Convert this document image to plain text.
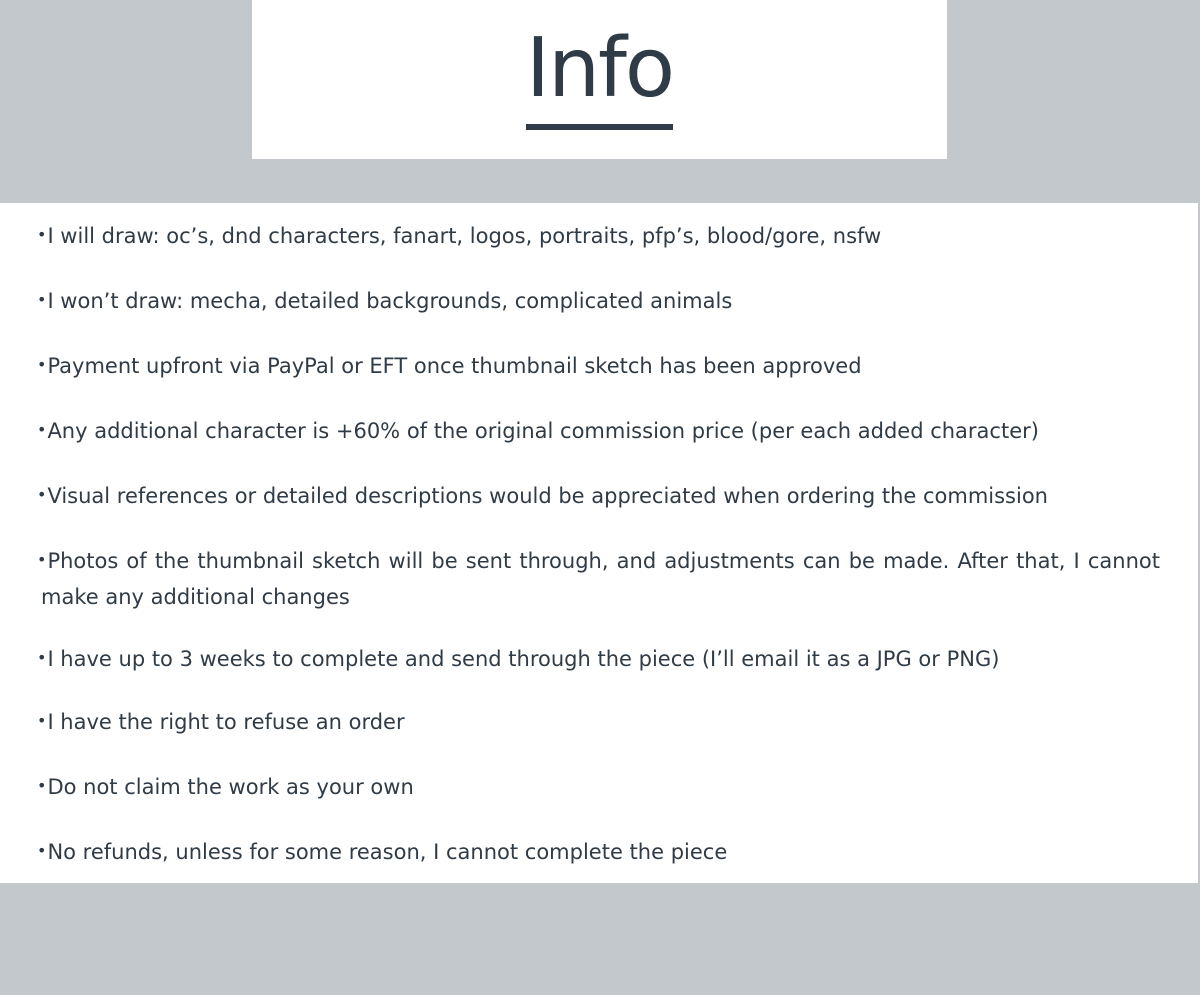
Info
•I will draw: oc’s, dnd characters, fanart, logos, portraits, pfp’s, blood/gore, nsfw
•I won’t draw: mecha, detailed backgrounds, complicated animals
•Payment upfront via PayPal or EFT once thumbnail sketch has been approved
•Any additional character is +60% of the original commission price (per each added character)
•Visual references or detailed descriptions would be appreciated when ordering the commission
•Photos of the thumbnail sketch will be sent through, and adjustments can be made. After that, I cannot make any additional changes
•I have up to 3 weeks to complete and send through the piece (I’ll email it as a JPG or PNG)
•I have the right to refuse an order
•Do not claim the work as your own
•No refunds, unless for some reason, I cannot complete the piece
